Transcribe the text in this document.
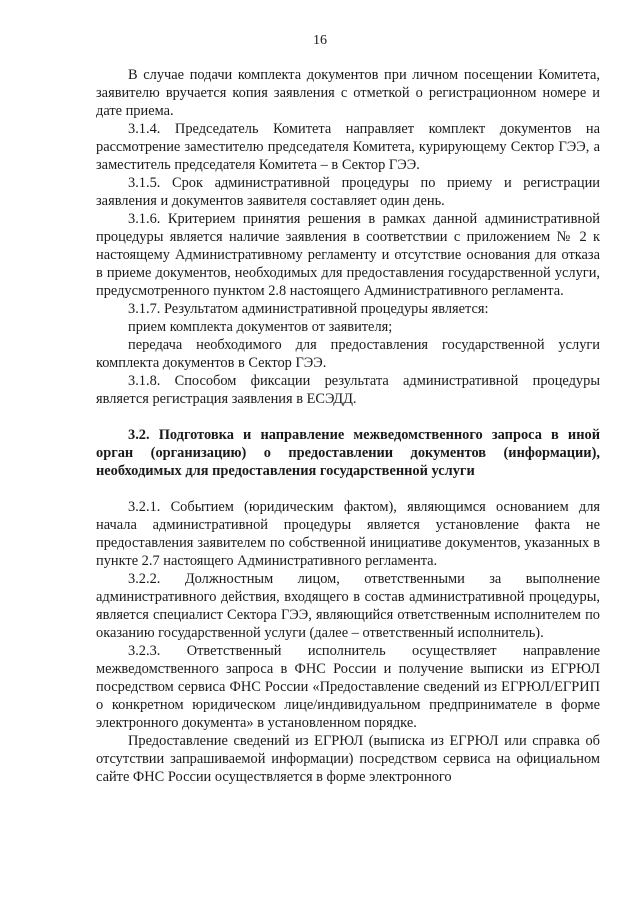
16

В случае подачи комплекта документов при личном посещении Комитета, заявителю вручается копия заявления с отметкой о регистрационном номере и дате приема.

3.1.4. Председатель Комитета направляет комплект документов на рассмотрение заместителю председателя Комитета, курирующему Сектор ГЭЭ, а заместитель председателя Комитета – в Сектор ГЭЭ.

3.1.5. Срок административной процедуры по приему и регистрации заявления и документов заявителя составляет один день.

3.1.6. Критерием принятия решения в рамках данной административной процедуры является наличие заявления в соответствии с приложением № 2 к настоящему Административному регламенту и отсутствие основания для отказа в приеме документов, необходимых для предоставления государственной услуги, предусмотренного пунктом 2.8 настоящего Административного регламента.

3.1.7. Результатом административной процедуры является:

прием комплекта документов от заявителя;

передача необходимого для предоставления государственной услуги комплекта документов в Сектор ГЭЭ.

3.1.8. Способом фиксации результата административной процедуры является регистрация заявления в ЕСЭДД.

3.2. Подготовка и направление межведомственного запроса в иной орган (организацию) о предоставлении документов (информации), необходимых для предоставления государственной услуги

3.2.1. Событием (юридическим фактом), являющимся основанием для начала административной процедуры является установление факта не предоставления заявителем по собственной инициативе документов, указанных в пункте 2.7 настоящего Административного регламента.

3.2.2. Должностным лицом, ответственными за выполнение административного действия, входящего в состав административной процедуры, является специалист Сектора ГЭЭ, являющийся ответственным исполнителем по оказанию государственной услуги (далее – ответственный исполнитель).

3.2.3. Ответственный исполнитель осуществляет направление межведомственного запроса в ФНС России и получение выписки из ЕГРЮЛ посредством сервиса ФНС России «Предоставление сведений из ЕГРЮЛ/ЕГРИП о конкретном юридическом лице/индивидуальном предпринимателе в форме электронного документа» в установленном порядке.

Предоставление сведений из ЕГРЮЛ (выписка из ЕГРЮЛ или справка об отсутствии запрашиваемой информации) посредством сервиса на официальном сайте ФНС России осуществляется в форме электронного
